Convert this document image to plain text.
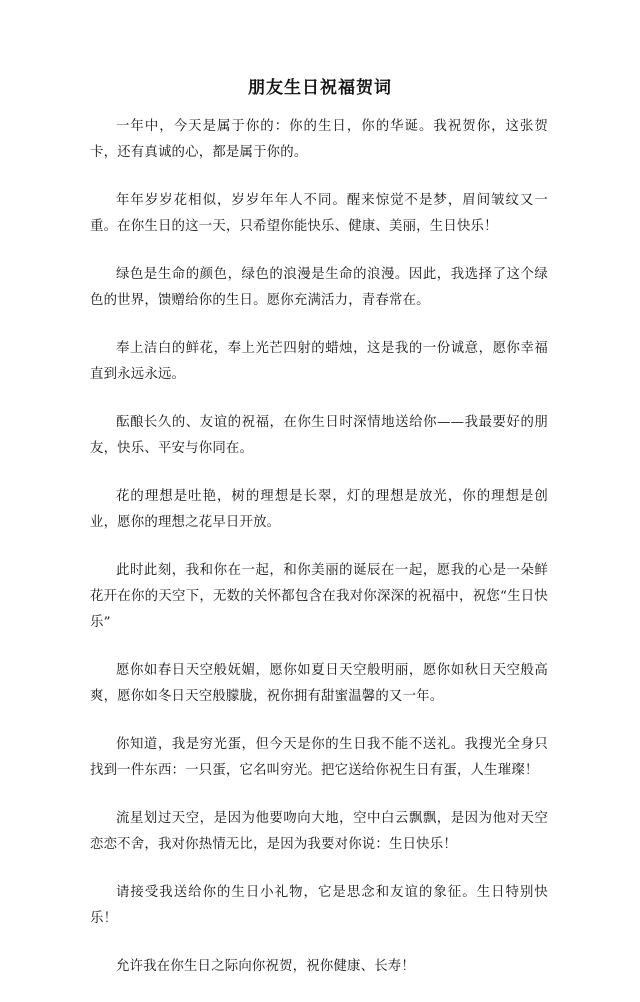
朋友生日祝福贺词

一年中，今天是属于你的：你的生日，你的华诞。我祝贺你，这张贺卡，还有真诚的心，都是属于你的。

年年岁岁花相似，岁岁年年人不同。醒来惊觉不是梦，眉间皱纹又一重。在你生日的这一天，只希望你能快乐、健康、美丽，生日快乐！

绿色是生命的颜色，绿色的浪漫是生命的浪漫。因此，我选择了这个绿色的世界，馈赠给你的生日。愿你充满活力，青春常在。

奉上洁白的鲜花，奉上光芒四射的蜡烛，这是我的一份诚意，愿你幸福直到永远永远。

酝酿长久的、友谊的祝福，在你生日时深情地送给你——我最要好的朋友，快乐、平安与你同在。

花的理想是吐艳，树的理想是长翠，灯的理想是放光，你的理想是创业，愿你的理想之花早日开放。

此时此刻，我和你在一起，和你美丽的诞辰在一起，愿我的心是一朵鲜花开在你的天空下，无数的关怀都包含在我对你深深的祝福中，祝您“生日快乐”

愿你如春日天空般妩媚，愿你如夏日天空般明丽，愿你如秋日天空般高爽，愿你如冬日天空般朦胧，祝你拥有甜蜜温馨的又一年。

你知道，我是穷光蛋，但今天是你的生日我不能不送礼。我搜光全身只找到一件东西：一只蛋，它名叫穷光。把它送给你祝生日有蛋，人生璀璨！

流星划过天空，是因为他要吻向大地，空中白云飘飘，是因为他对天空恋恋不舍，我对你热情无比，是因为我要对你说：生日快乐！

请接受我送给你的生日小礼物，它是思念和友谊的象征。生日特别快乐！

允许我在你生日之际向你祝贺，祝你健康、长寿！
